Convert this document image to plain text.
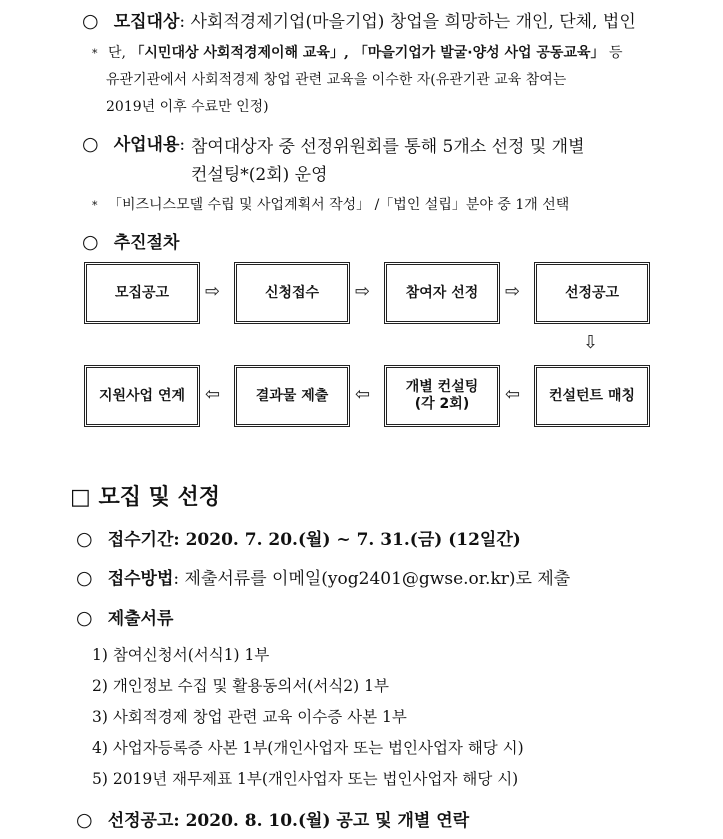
○ 모집대상: 사회적경제기업(마을기업) 창업을 희망하는 개인, 단체, 법인
* 단, 「시민대상 사회적경제이해 교육」, 「마을기업가 발굴·양성 사업 공동교육」 등
유관기관에서 사회적경제 창업 관련 교육을 이수한 자(유관기관 교육 참여는
2019년 이후 수료만 인정)
○ 사업내용: 참여대상자 중 선정위원회를 통해 5개소 선정 및 개별
컨설팅*(2회) 운영
* 「비즈니스모델 수립 및 사업계획서 작성」 /「법인 설립」분야 중 1개 선택
○ 추진절차
모집공고	⇨	신청접수	⇨	참여자 선정	⇨	선정공고
⇩
지원사업 연계	⇦	결과물 제출	⇦	개별 컨설팅
(각 2회) ⇦	컨설턴트 매칭
□ 모집 및 선정
○ 접수기간: 2020. 7. 20.(월) ~ 7. 31.(금) (12일간)
○ 접수방법: 제출서류를 이메일(yog2401@gwse.or.kr)로 제출
○ 제출서류
1) 참여신청서(서식1) 1부
2) 개인정보 수집 및 활용동의서(서식2) 1부
3) 사회적경제 창업 관련 교육 이수증 사본 1부
4) 사업자등록증 사본 1부(개인사업자 또는 법인사업자 해당 시)
5) 2019년 재무제표 1부(개인사업자 또는 법인사업자 해당 시)
○ 선정공고: 2020. 8. 10.(월) 공고 및 개별 연락
